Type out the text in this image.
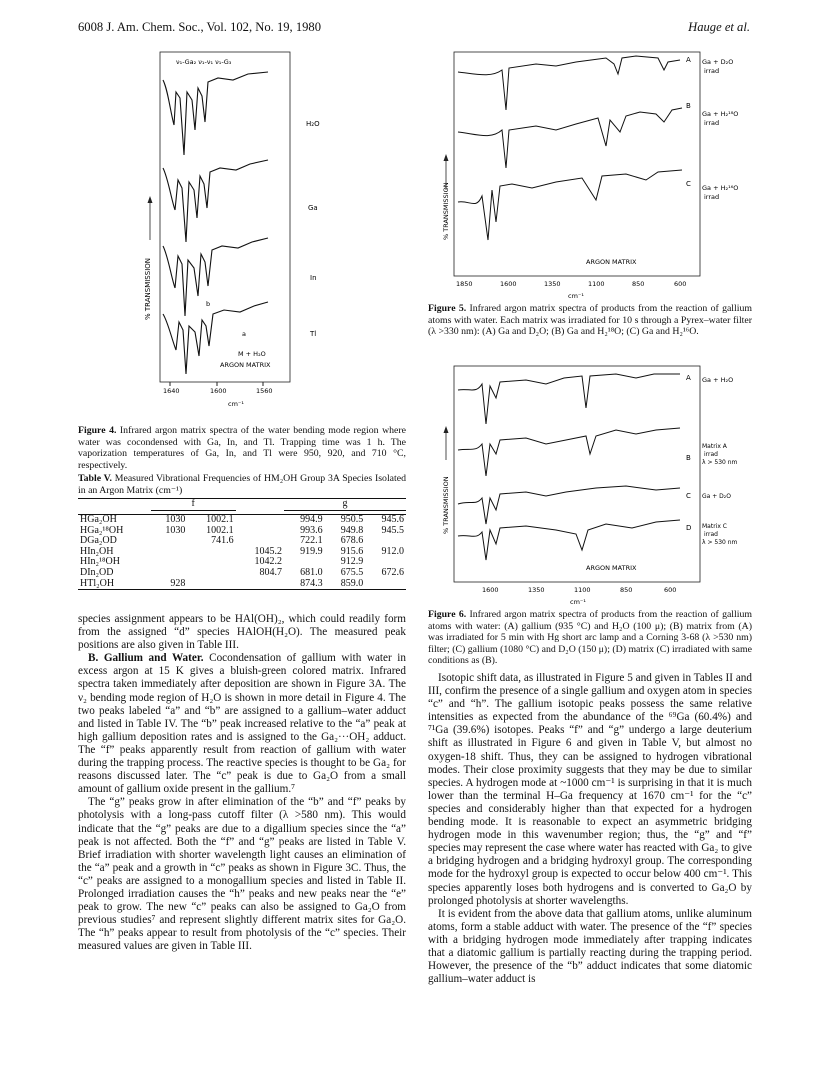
6008 J. Am. Chem. Soc., Vol. 102, No. 19, 1980	Hauge et al.
ν₁-Ga₂ ν₁-ν₁ ν₁-G₃
% TRANSMISSION
H₂O
Ga
In
b
Tl
a
M + H₂O
ARGON MATRIX
1640	1600	1560
cm⁻¹
Figure 4. Infrared argon matrix spectra of the water bending mode region where water was cocondensed with Ga, In, and Tl. Trapping time was 1 h. The vaporization temperatures of Ga, In, and Tl were 950, 920, and 710 °C, respectively.
Table V. Measured Vibrational Frequencies of HM₂OH Group 3A Species Isolated in an Argon Matrix (cm⁻¹)
	f			g		

HGa₂OH	1030	1002.1		994.9	950.5	945.6
HGa₂¹⁸OH	1030	1002.1		993.6	949.8	945.5
DGa₂OD		741.6		722.1	678.6	
HIn₂OH			1045.2	919.9	915.6	912.0
HIn₂¹⁸OH			1042.2		912.9	
DIn₂OD			804.7	681.0	675.5	672.6
HTl₂OH	928			874.3	859.0	

species assignment appears to be HAl(OH)₂, which could readily form from the assigned “d” species HAlOH(H₂O). The measured peak positions are also given in Table III.

B. Gallium and Water. Cocondensation of gallium with water in excess argon at 15 K gives a bluish-green colored matrix. Infrared spectra taken immediately after deposition are shown in Figure 3A. The ν₂ bending mode region of H₂O is shown in more detail in Figure 4. The two peaks labeled “a” and “b” are assigned to a gallium–water adduct and listed in Table IV. The “b” peak increased relative to the “a” peak at high gallium deposition rates and is assigned to the Ga₂···OH₂ adduct. The “f” peaks apparently result from reaction of gallium with water during the trapping process. The reactive species is thought to be Ga₂ for reasons discussed later. The “c” peak is due to Ga₂O from a small amount of gallium oxide present in the gallium.⁷

The “g” peaks grow in after elimination of the “b” and “f” peaks by photolysis with a long-pass cutoff filter (λ >580 nm). This would indicate that the “g” peaks are due to a digallium species since the “a” peak is not affected. Both the “f” and “g” peaks are listed in Table V. Brief irradiation with shorter wavelength light causes an elimination of the “a” peak and a growth in “c” peaks as shown in Figure 3C. Thus, the “c” peaks are assigned to a monogallium species and listed in Table II. Prolonged irradiation causes the “h” peaks and new peaks near the “e” peak to grow. The new “c” peaks can also be assigned to Ga₂O from previous studies⁷ and represent slightly different matrix sites for Ga₂O. The “h” peaks appear to result from photolysis of the “c” species. Their measured values are given in Table III.

% TRANSMISSION
A Ga + D₂O
irrad
B
Ga + H₂¹⁸O
irrad
C Ga + H₂¹⁶O
irrad
ARGON MATRIX
1850	1600	1350	1100	850	600
cm⁻¹
Figure 5. Infrared argon matrix spectra of products from the reaction of gallium atoms with water. Each matrix was irradiated for 10 s through a Pyrex–water filter (λ >330 nm): (A) Ga and D₂O; (B) Ga and H₂¹⁸O; (C) Ga and H₂¹⁶O.
% TRANSMISSION
A Ga + H₂O
B
Matrix A
irrad
λ > 530 nm
C Ga + D₂O
D Matrix C
irrad
λ > 530 nm
ARGON MATRIX
1600	1350	1100	850	600
cm⁻¹
Figure 6. Infrared argon matrix spectra of products from the reaction of gallium atoms with water: (A) gallium (935 °C) and H₂O (100 μ); (B) matrix from (A) was irradiated for 5 min with Hg short arc lamp and a Corning 3-68 (λ >530 nm) filter; (C) gallium (1080 °C) and D₂O (150 μ); (D) matrix (C) irradiated with same conditions as (B).

Isotopic shift data, as illustrated in Figure 5 and given in Tables II and III, confirm the presence of a single gallium and oxygen atom in species “c” and “h”. The gallium isotopic peaks possess the same relative intensities as expected from the abundance of the ⁶⁹Ga (60.4%) and ⁷¹Ga (39.6%) isotopes. Peaks “f” and “g” undergo a large deuterium shift as illustrated in Figure 6 and given in Table V, but almost no oxygen-18 shift. Thus, they can be assigned to hydrogen vibrational modes. Their close proximity suggests that they may be due to similar species. A hydrogen mode at ~1000 cm⁻¹ is surprising in that it is much lower than the terminal H–Ga frequency at 1670 cm⁻¹ for the “c” species and considerably higher than that expected for a hydrogen bending mode. It is reasonable to expect an asymmetric bridging hydrogen mode in this wavenumber region; thus, the “g” and “f” species may represent the case where water has reacted with Ga₂ to give a bridging hydrogen and a bridging hydroxyl group. The corresponding mode for the hydroxyl group is expected to occur below 400 cm⁻¹. This species apparently loses both hydrogens and is converted to Ga₂O by prolonged photolysis at shorter wavelengths.

It is evident from the above data that gallium atoms, unlike aluminum atoms, form a stable adduct with water. The presence of the “f” species with a bridging hydrogen mode immediately after trapping indicates that a diatomic gallium is partially reacting during the trapping period. However, the presence of the “b” adduct indicates that some diatomic gallium–water adduct is
